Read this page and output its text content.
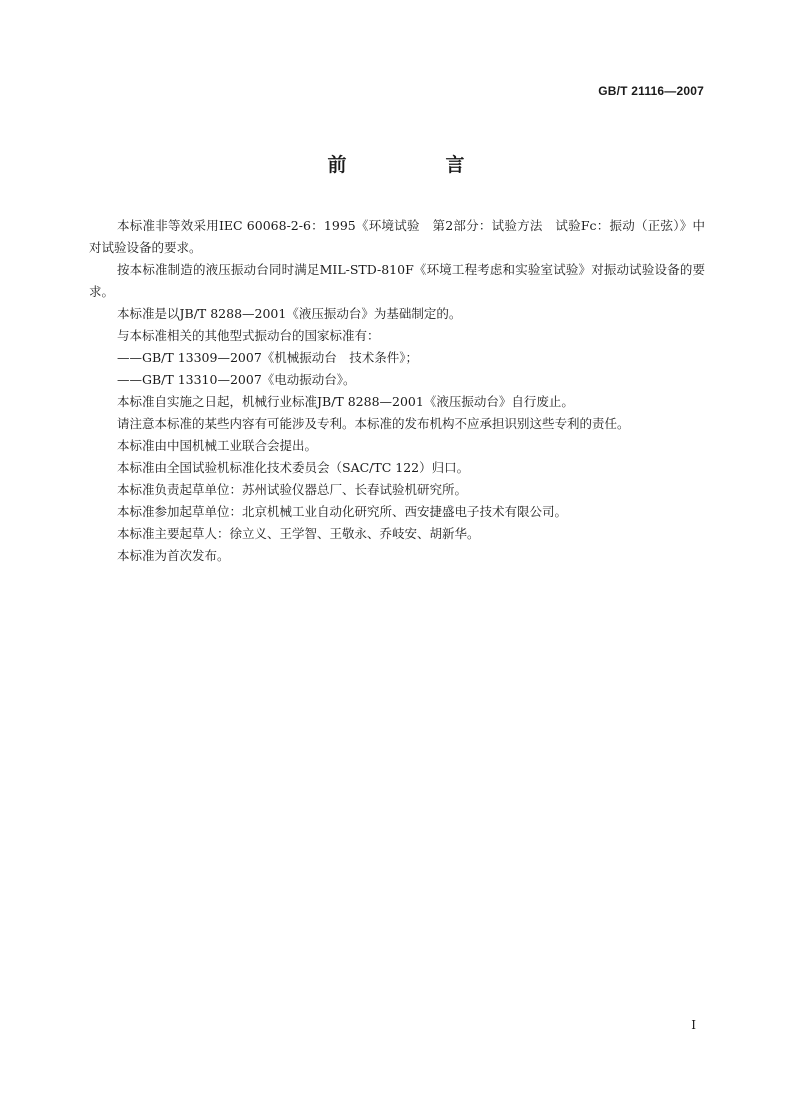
GB/T 21116—2007
前　言

本标准非等效采用IEC 60068-2-6：1995《环境试验　第2部分：试验方法　试验Fc：振动（正弦）》中对试验设备的要求。

按本标准制造的液压振动台同时满足MIL-STD-810F《环境工程考虑和实验室试验》对振动试验设备的要求。

本标准是以JB/T 8288—2001《液压振动台》为基础制定的。

与本标准相关的其他型式振动台的国家标准有：

——GB/T 13309—2007《机械振动台　技术条件》；

——GB/T 13310—2007《电动振动台》。

本标准自实施之日起，机械行业标准JB/T 8288—2001《液压振动台》自行废止。

请注意本标准的某些内容有可能涉及专利。本标准的发布机构不应承担识别这些专利的责任。

本标准由中国机械工业联合会提出。

本标准由全国试验机标准化技术委员会（SAC/TC 122）归口。

本标准负责起草单位：苏州试验仪器总厂、长春试验机研究所。

本标准参加起草单位：北京机械工业自动化研究所、西安捷盛电子技术有限公司。

本标准主要起草人：徐立义、王学智、王敬永、乔岐安、胡新华。

本标准为首次发布。

I
